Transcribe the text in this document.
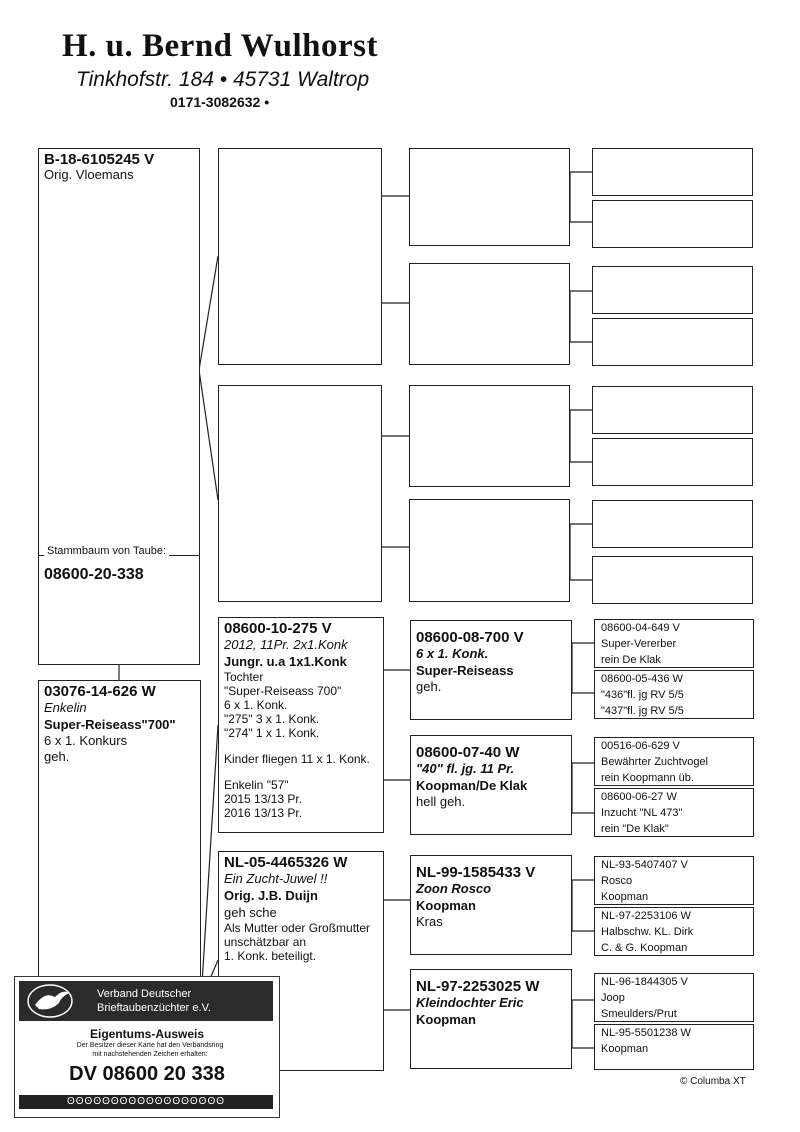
H. u. Bernd Wulhorst
Tinkhofstr. 184 • 45731 Waltrop
0171-3082632 •
B-18-6105245 V
Orig. Vloemans
08600-20-338
Stammbaum von Taube:
03076-14-626 W
Enkelin
Super-Reiseass"700"
6 x 1. Konkurs
geh.
08600-10-275 V
2012, 11Pr. 2x1.Konk
Jungr. u.a 1x1.Konk
Tochter
"Super-Reiseass 700"
6 x 1. Konk.
"275" 3 x 1. Konk.
"274" 1 x 1. Konk.
Kinder fliegen 11 x 1. Konk.
Enkelin "57"
2015 13/13 Pr.
2016 13/13 Pr.
NL-05-4465326 W
Ein Zucht-Juwel !!
Orig. J.B. Duijn
geh sche
Als Mutter oder Großmutter
unschätzbar an
1. Konk. beteiligt.
08600-08-700 V
6 x 1. Konk.
Super-Reiseass
geh.
08600-07-40 W
"40" fl. jg. 11 Pr.
Koopman/De Klak
hell geh.
NL-99-1585433 V
Zoon Rosco
Koopman
Kras
NL-97-2253025 W
Kleindochter Eric
Koopman
08600-04-649 V
Super-Vererber
rein De Klak
08600-05-436 W
"436"fl. jg RV 5/5
"437"fl. jg RV 5/5
00516-06-629 V
Bewährter Zuchtvogel
rein Koopmann üb.
08600-06-27 W
Inzucht "NL 473"
rein "De Klak"
NL-93-5407407 V
Rosco
Koopman
NL-97-2253106 W
Halbschw. KL. Dirk
C. & G. Koopman
NL-96-1844305 V
Joop
Smeulders/Prut
NL-95-5501238 W
Koopman
Verband Deutscher
Brieftaubenzüchter e.V.
Eigentums-Ausweis
Der Besitzer dieser Karte hat den Verbandsring
mit nachstehenden Zeichen erhalten:
DV 08600 20 338
ʘʘʘʘʘʘʘʘʘʘʘʘʘʘʘʘʘʘ
© Columba XT
